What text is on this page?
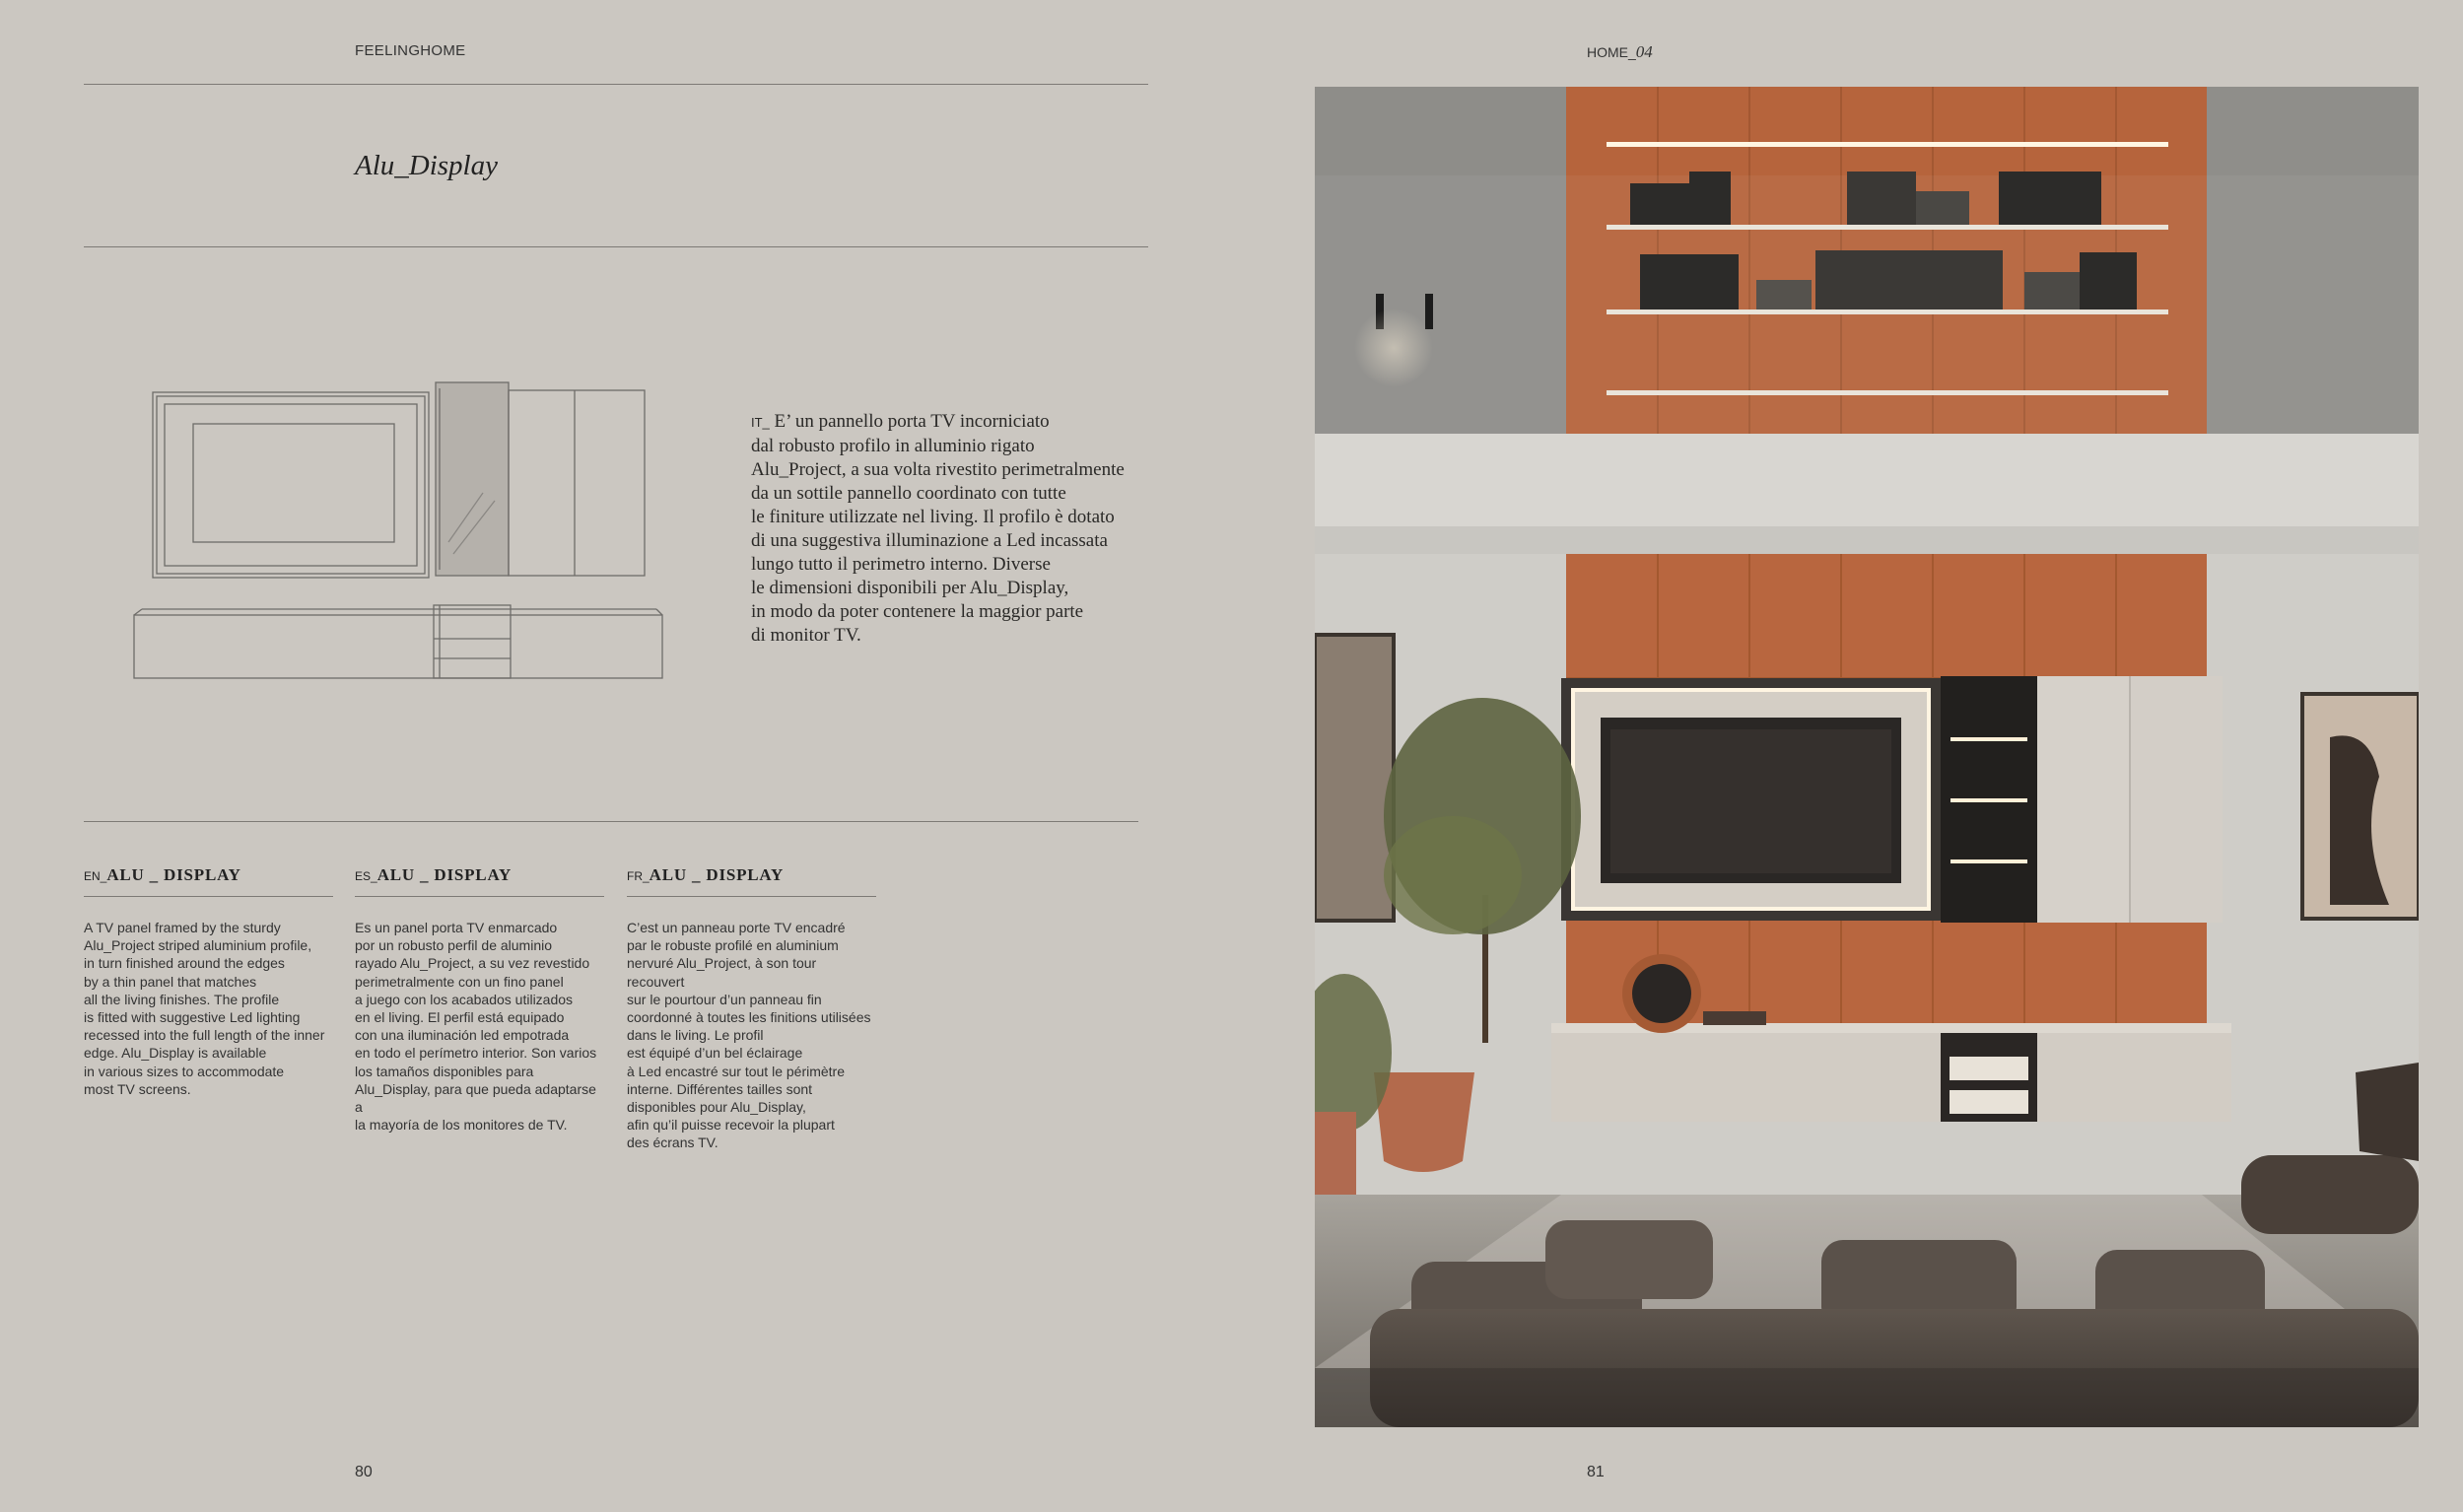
FEELINGHOME
Alu_Display
IT_ E’ un pannello porta TV incorniciato
dal robusto profilo in alluminio rigato
Alu_Project, a sua volta rivestito perimetralmente
da un sottile pannello coordinato con tutte
le finiture utilizzate nel living. Il profilo è dotato
di una suggestiva illuminazione a Led incassata
lungo tutto il perimetro interno. Diverse
le dimensioni disponibili per Alu_Display,
in modo da poter contenere la maggior parte
di monitor TV.
EN_ALU _ DISPLAY
A TV panel framed by the sturdy
Alu_Project striped aluminium profile,
in turn finished around the edges
by a thin panel that matches
all the living finishes. The profile
is fitted with suggestive Led lighting
recessed into the full length of the inner
edge. Alu_Display is available
in various sizes to accommodate
most TV screens.
ES_ALU _ DISPLAY
Es un panel porta TV enmarcado
por un robusto perfil de aluminio
rayado Alu_Project, a su vez revestido
perimetralmente con un fino panel
a juego con los acabados utilizados
en el living. El perfil está equipado
con una iluminación led empotrada
en todo el perímetro interior. Son varios
los tamaños disponibles para
Alu_Display, para que pueda adaptarse a
la mayoría de los monitores de TV.
FR_ALU _ DISPLAY
C’est un panneau porte TV encadré
par le robuste profilé en aluminium
nervuré Alu_Project, à son tour recouvert
sur le pourtour d’un panneau fin
coordonné à toutes les finitions utilisées
dans le living. Le profil
est équipé d’un bel éclairage
à Led encastré sur tout le périmètre
interne. Différentes tailles sont
disponibles pour Alu_Display,
afin qu’il puisse recevoir la plupart
des écrans TV.
80
HOME_04
81
